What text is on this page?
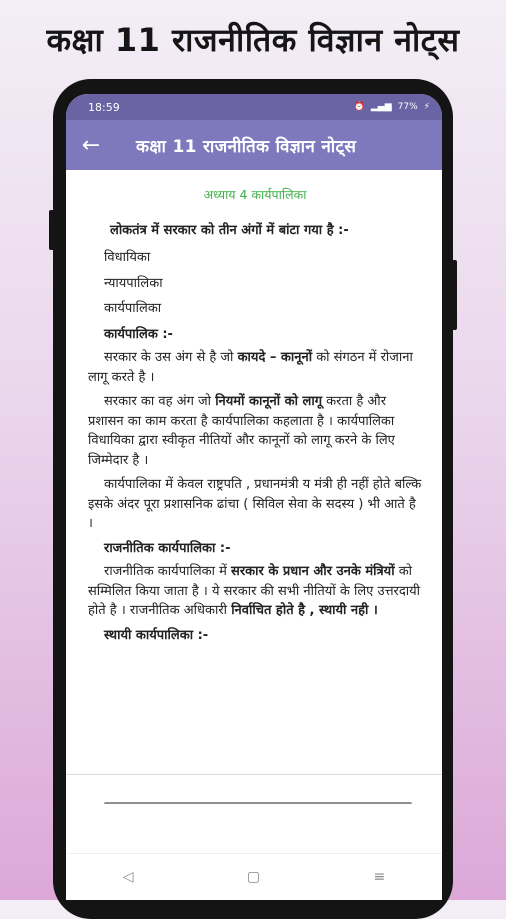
कक्षा 11 राजनीतिक विज्ञान नोट्स
18:59	⏰ ▂▄▆ 77% ⚡
←	कक्षा 11 राजनीतिक विज्ञान नोट्स

अध्याय 4 कार्यपालिका

लोकतंत्र में सरकार को तीन अंगों में बांटा गया है :-

विधायिका

न्यायपालिका

कार्यपालिका

कार्यपालिक :-

सरकार के उस अंग से है जो कायदे – कानूनों को संगठन में रोजाना लागू करते है ।

सरकार का वह अंग जो नियमों कानूनों को लागू करता है और प्रशासन का काम करता है कार्यपालिका कहलाता है । कार्यपालिका विधायिका द्वारा स्वीकृत नीतियों और कानूनों को लागू करने के लिए जिम्मेदार है ।

कार्यपालिका में केवल राष्ट्रपति , प्रधानमंत्री य मंत्री ही नहीं होते बल्कि इसके अंदर पूरा प्रशासनिक ढांचा ( सिविल सेवा के सदस्य ) भी आते है ।

राजनीतिक कार्यपालिका :-

राजनीतिक कार्यपालिका में सरकार के प्रधान और उनके मंत्रियों को सम्मिलित किया जाता है । ये सरकार की सभी नीतियों के लिए उत्तरदायी होते है । राजनीतिक अधिकारी निर्वाचित होते है , स्थायी नही ।

स्थायी कार्यपालिका :-

◁	▢	≡
